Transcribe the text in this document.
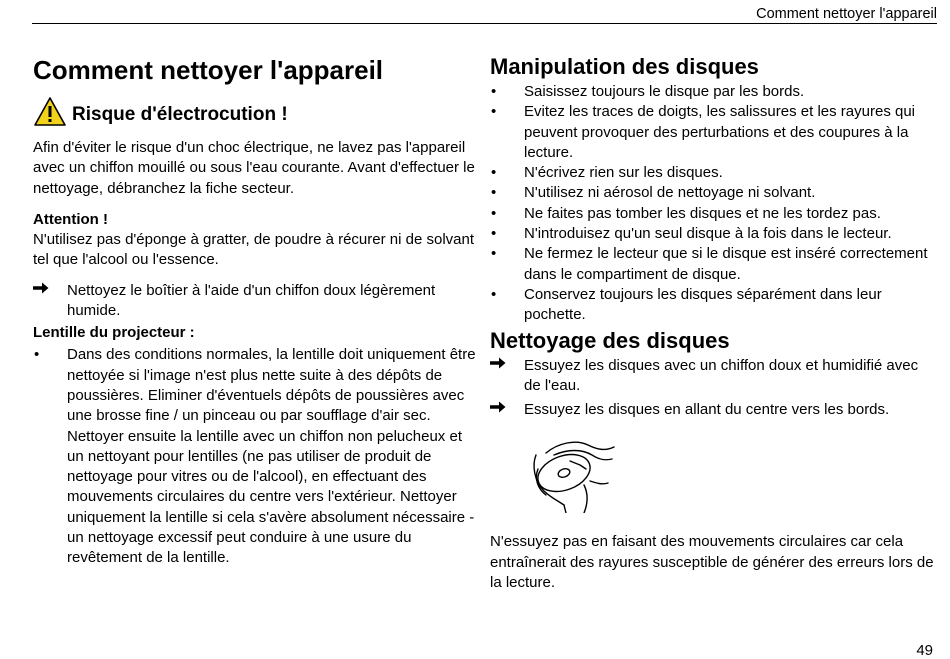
Comment nettoyer l'appareil
Comment nettoyer l'appareil
Risque d'électrocution !

Afin d'éviter le risque d'un choc électrique, ne lavez pas l'appareil avec un chiffon mouillé ou sous l'eau courante. Avant d'effectuer le nettoyage, débranchez la fiche secteur.

Attention !

N'utilisez pas d'éponge à gratter, de poudre à récurer ni de solvant tel que l'alcool ou l'essence.

Nettoyez le boîtier à l'aide d'un chiffon doux légèrement humide.

Lentille du projecteur :

•	Dans des conditions normales, la lentille doit uniquement être nettoyée si l'image n'est plus nette suite à des dépôts de poussières. Eliminer d'éventuels dépôts de poussières avec une brosse fine / un pinceau ou par soufflage d'air sec. Nettoyer ensuite la lentille avec un chiffon non pelucheux et un nettoyant pour lentilles (ne pas utiliser de produit de nettoyage pour vitres ou de l'alcool), en effectuant des mouvements circulaires du centre vers l'extérieur. Nettoyer uniquement la lentille si cela s'avère absolument nécessaire - un nettoyage excessif peut conduire à une usure du revêtement de la lentille.
Manipulation des disques
•	Saisissez toujours le disque par les bords.
•	Evitez les traces de doigts, les salissures et les rayures qui peuvent provoquer des perturbations et des coupures à la lecture.
•	N'écrivez rien sur les disques.
•	N'utilisez ni aérosol de nettoyage ni solvant.
•	Ne faites pas tomber les disques et ne les tordez pas.
•	N'introduisez qu'un seul disque à la fois dans le lecteur.
•	Ne fermez le lecteur que si le disque est inséré correctement dans le compartiment de disque.
•	Conservez toujours les disques séparément dans leur pochette.
Nettoyage des disques
Essuyez les disques avec un chiffon doux et humidifié avec de l'eau.
Essuyez les disques en allant du centre vers les bords.

N'essuyez pas en faisant des mouvements circulaires car cela entraînerait des rayures susceptible de générer des erreurs lors de la lecture.

49
